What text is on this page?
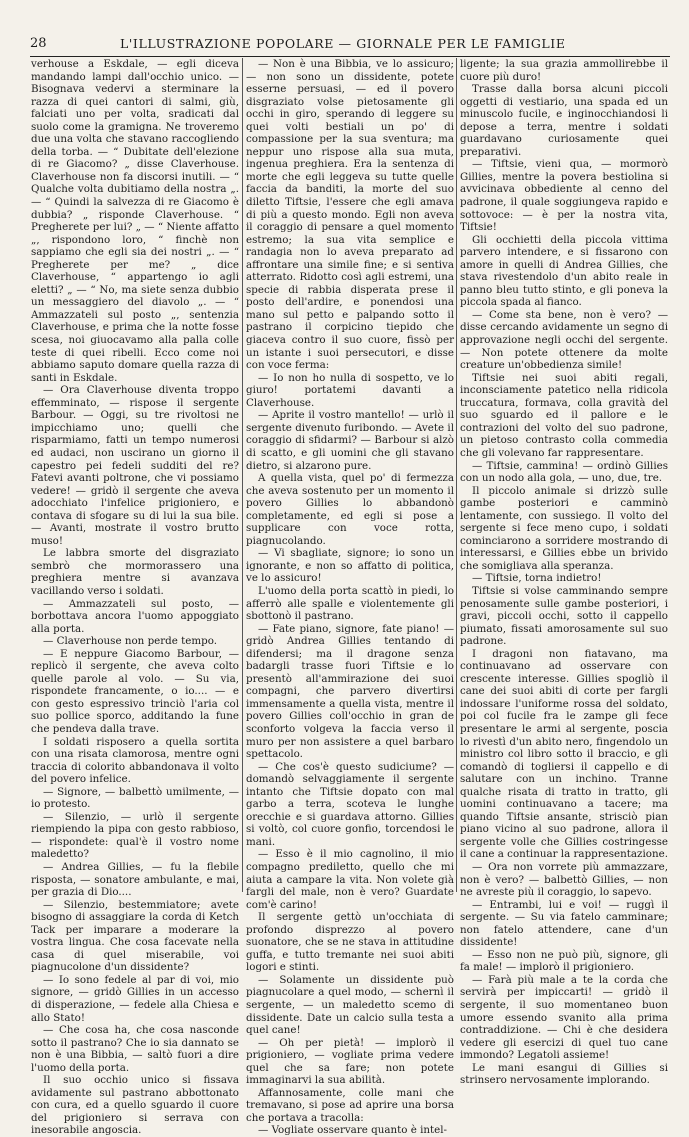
28	L'ILLUSTRAZIONE POPOLARE — GIORNALE PER LE FAMIGLIE

verhouse a Eskdale, — egli diceva mandando lampi dall'occhio unico. — Bisognava vedervi a sterminare la razza di quei cantori di salmi, giù, falciati uno per volta, sradicati dal suolo come la gramigna. Ne troveremo due una volta che stavano raccogliendo della torba. — “ Dubitate dell'elezione di re Giacomo? „ disse Claverhouse. Claverhouse non fa discorsi inutili. — “ Qualche volta dubitiamo della nostra „. — “ Quindi la salvezza di re Giacomo è dubbia? „ risponde Claverhouse. “ Pregherete per lui? „ — “ Niente affatto „, rispondono loro, “ finchè non sappiamo che egli sia dei nostri „. — “ Pregherete per me? „ dice Claverhouse, “ appartengo io agli eletti? „ — “ No, ma siete senza dubbio un messaggiero del diavolo „. — “ Ammazzateli sul posto „, sentenzia Claverhouse, e prima che la notte fosse scesa, noi giuocavamo alla palla colle teste di quei ribelli. Ecco come noi abbiamo saputo domare quella razza di santi in Eskdale.

— Ora Claverhouse diventa troppo effemminato, — rispose il sergente Barbour. — Oggi, su tre rivoltosi ne impicchiamo uno; quelli che risparmiamo, fatti un tempo numerosi ed audaci, non uscirano un giorno il capestro pei fedeli sudditi del re? Fatevi avanti poltrone, che vi possiamo vedere! — gridò il sergente che aveva adocchiato l'infelice prigioniero, e contava di sfogare su di lui la sua bile. — Avanti, mostrate il vostro brutto muso!

Le labbra smorte del disgraziato sembrò che mormorassero una preghiera mentre si avanzava vacillando verso i soldati.

— Ammazzateli sul posto, — borbottava ancora l'uomo appoggiato alla porta.

— Claverhouse non perde tempo.

— E neppure Giacomo Barbour, — replicò il sergente, che aveva colto quelle parole al volo. — Su via, rispondete francamente, o io.... — e con gesto espressivo trinciò l'aria col suo pollice sporco, additando la fune che pendeva dalla trave.

I soldati risposero a quella sortita con una risata clamorosa, mentre ogni traccia di colorito abbandonava il volto del povero infelice.

— Signore, — balbettò umilmente, — io protesto.

— Silenzio, — urlò il sergente riempiendo la pipa con gesto rabbioso, — rispondete: qual'è il vostro nome maledetto?

— Andrea Gillies, — fu la flebile risposta, — sonatore ambulante, e mai, per grazia di Dio....

— Silenzio, bestemmiatore; avete bisogno di assaggiare la corda di Ketch Tack per imparare a moderare la vostra lingua. Che cosa facevate nella casa di quel miserabile, voi piagnucolone d'un dissidente?

— Io sono fedele al par di voi, mio signore, — gridò Gillies in un accesso di disperazione, — fedele alla Chiesa e allo Stato!

— Che cosa ha, che cosa nasconde sotto il pastrano? Che io sia dannato se non è una Bibbia, — saltò fuori a dire l'uomo della porta.

Il suo occhio unico si fissava avidamente sul pastrano abbottonato con cura, ed a quello sguardo il cuore del prigioniero si serrava con inesorabile angoscia.

— Non è una Bibbia, ve lo assicuro; — non sono un dissidente, potete esserne persuasi, — ed il povero disgraziato volse pietosamente gli occhi in giro, sperando di leggere su quei volti bestiali un po' di compassione per la sua sventura; ma neppur uno rispose alla sua muta, ingenua preghiera. Era la sentenza di morte che egli leggeva su tutte quelle faccia da banditi, la morte del suo diletto Tiftsie, l'essere che egli amava di più a questo mondo. Egli non aveva il coraggio di pensare a quel momento estremo; la sua vita semplice e randagia non lo aveva preparato ad affrontare una simile fine; e si sentiva atterrato. Ridotto così agli estremi, una specie di rabbia disperata prese il posto dell'ardire, e ponendosi una mano sul petto e palpando sotto il pastrano il corpicino tiepido che giaceva contro il suo cuore, fissò per un istante i suoi persecutori, e disse con voce ferma:

— Io non ho nulla di sospetto, ve lo giuro! portatemi davanti a Claverhouse.

— Aprite il vostro mantello! — urlò il sergente divenuto furibondo. — Avete il coraggio di sfidarmi? — Barbour si alzò di scatto, e gli uomini che gli stavano dietro, si alzarono pure.

A quella vista, quel po' di fermezza che aveva sostenuto per un momento il povero Gillies lo abbandonò completamente, ed egli si pose a supplicare con voce rotta, piagnucolando.

— Vi sbagliate, signore; io sono un ignorante, e non so affatto di politica, ve lo assicuro!

L'uomo della porta scattò in piedi, lo afferrò alle spalle e violentemente gli sbottonò il pastrano.

— Fate piano, signore, fate piano! — gridò Andrea Gillies tentando di difendersi; ma il dragone senza badargli trasse fuori Tiftsie e lo presentò all'ammirazione dei suoi compagni, che parvero divertirsi immensamente a quella vista, mentre il povero Gillies coll'occhio in gran de sconforto volgeva la faccia verso il muro per non assistere a quel barbaro spettacolo.

— Che cos'è questo sudiciume? — domandò selvaggiamente il sergente intanto che Tiftsie dopato con mal garbo a terra, scoteva le lunghe orecchie e si guardava attorno. Gillies si voltò, col cuore gonfio, torcendosi le mani.

— Esso è il mio cagnolino, il mio compagno prediletto, quello che mi aiuta a campare la vita. Non volete già fargli del male, non è vero? Guardate com'è carino!

Il sergente gettò un'occhiata di profondo disprezzo al povero suonatore, che se ne stava in attitudine guffa, e tutto tremante nei suoi abiti logori e stinti.

— Solamente un dissidente può piagnucolare a quel modo, — schernì il sergente, — un maledetto scemo di dissidente. Date un calcio sulla testa a quel cane!

— Oh per pietà! — implorò il prigioniero, — vogliate prima vedere quel che sa fare; non potete immaginarvi la sua abilità.

Affannosamente, colle mani che tremavano, si pose ad aprire una borsa che portava a tracolla:

— Vogliate osservare quanto è intel-

ligente; la sua grazia ammollirebbe il cuore più duro!

Trasse dalla borsa alcuni piccoli oggetti di vestiario, una spada ed un minuscolo fucile, e inginocchiandosi li depose a terra, mentre i soldati guardavano curiosamente quei preparativi.

— Tiftsie, vieni qua, — mormorò Gillies, mentre la povera bestiolina si avvicinava obbediente al cenno del padrone, il quale soggiungeva rapido e sottovoce: — è per la nostra vita, Tiftsie!

Gli occhietti della piccola vittima parvero intendere, e si fissarono con amore in quelli di Andrea Gillies, che stava rivestendolo d'un abito reale in panno bleu tutto stinto, e gli poneva la piccola spada al fianco.

— Come sta bene, non è vero? — disse cercando avidamente un segno di approvazione negli occhi del sergente. — Non potete ottenere da molte creature un'obbedienza simile!

Tiftsie nei suoi abiti regali, inconsciamente patetico nella ridicola truccatura, formava, colla gravità del suo sguardo ed il pallore e le contrazioni del volto del suo padrone, un pietoso contrasto colla commedia che gli volevano far rappresentare.

— Tiftsie, cammina! — ordinò Gillies con un nodo alla gola, — uno, due, tre.

Il piccolo animale si drizzò sulle gambe posteriori e camminò lentamente, con sussiego. Il volto del sergente si fece meno cupo, i soldati cominciarono a sorridere mostrando di interessarsi, e Gillies ebbe un brivido che somigliava alla speranza.

— Tiftsie, torna indietro!

Tiftsie si volse camminando sempre penosamente sulle gambe posteriori, i gravi, piccoli occhi, sotto il cappello piumato, fissati amorosamente sul suo padrone.

I dragoni non fiatavano, ma continuavano ad osservare con crescente interesse. Gillies spogliò il cane dei suoi abiti di corte per fargli indossare l'uniforme rossa del soldato, poi col fucile fra le zampe gli fece presentare le armi al sergente, poscia lo rivestì d'un abito nero, fingendolo un ministro col libro sotto il braccio, e gli comandò di togliersi il cappello e di salutare con un inchino. Tranne qualche risata di tratto in tratto, gli uomini continuavano a tacere; ma quando Tiftsie ansante, strisciò pian piano vicino al suo padrone, allora il sergente volle che Gillies costringesse il cane a continuar la rappresentazione.

— Ora non vorrete più ammazzare, non è vero? — balbettò Gillies, — non ne avreste più il coraggio, lo sapevo.

— Entrambi, lui e voi! — ruggì il sergente. — Su via fatelo camminare; non fatelo attendere, cane d'un dissidente!

— Esso non ne può più, signore, gli fa male! — implorò il prigioniero.

— Farà più male a te la corda che servirà per impiccarti! — gridò il sergente, il suo momentaneo buon umore essendo svanito alla prima contraddizione. — Chi è che desidera vedere gli esercizi di quel tuo cane immondo? Legatoli assieme!

Le mani esangui di Gillies si strinsero nervosamente implorando.
